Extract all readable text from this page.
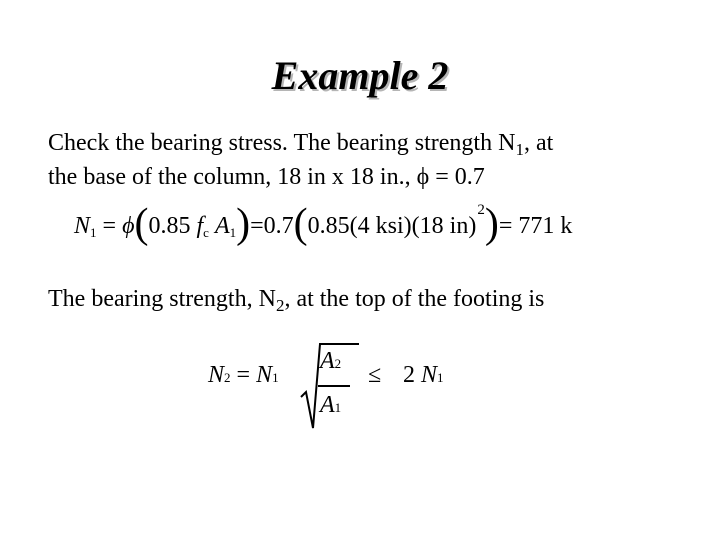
Example 2
Check the bearing stress. The bearing strength $N_1$, at
the base of the column, 18 in x 18 in., ϕ = 0.7
N1 = ϕ(0.85 fc A1)=0.7(0.85(4 ksi)(18 in)2)= 771 k
The bearing strength, $N_2$, at the top of the footing is
N2 = N1
A2
A1
≤ 2 N1
